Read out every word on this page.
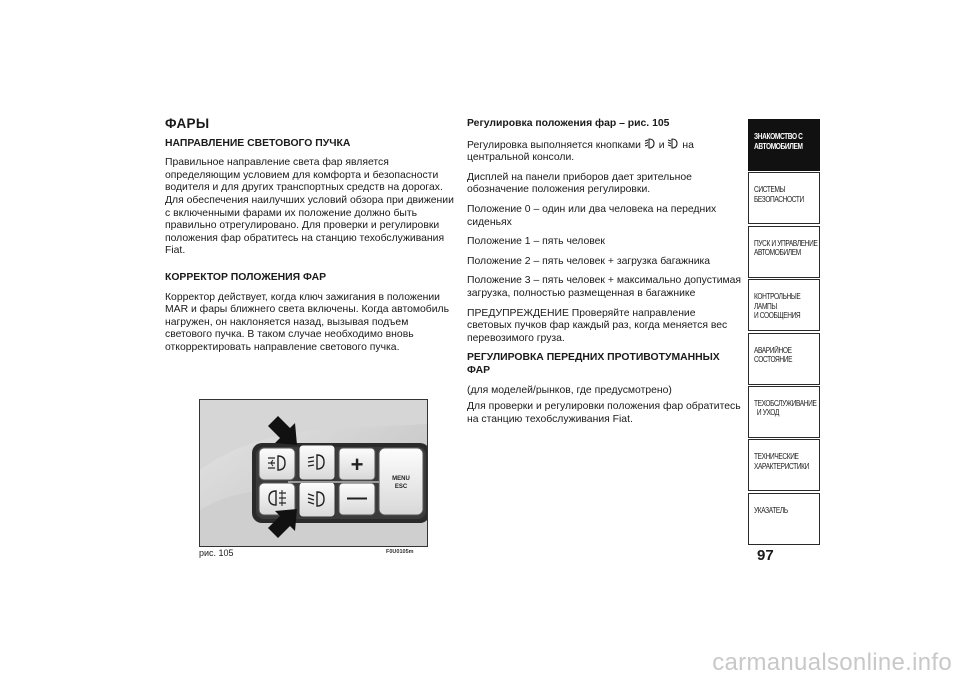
ФАРЫ

НАПРАВЛЕНИЕ СВЕТОВОГО ПУЧКА

Правильное направление света фар является определяющим условием для комфорта и безопасности водителя и для других транспортных средств на дорогах. Для обеспечения наилучших условий обзора при движении с включенными фарами их положение должно быть правильно отрегулировано. Для проверки и регулировки положения фар обратитесь на станцию техобслуживания Fiat.

КОРРЕКТОР ПОЛОЖЕНИЯ ФАР

Корректор действует, когда ключ зажигания в положении MAR и фары ближнего света включены. Когда автомобиль нагружен, он наклоняется назад, вызывая подъем светового пучка. В таком случае необходимо вновь откорректировать направление светового пучка.

Регулировка положения фар – рис. 105

Регулировка выполняется кнопками и на центральной консоли.

Дисплей на панели приборов дает зрительное обозначение положения регулировки.

Положение 0 – один или два человека на передних сиденьях

Положение 1 – пять человек

Положение 2 – пять человек + загрузка багажника

Положение 3 – пять человек + максимально допустимая загрузка, полностью размещенная в багажнике

ПРЕДУПРЕЖДЕНИЕ Проверяйте направление световых пучков фар каждый раз, когда меняется вес перевозимого груза.

РЕГУЛИРОВКА ПЕРЕДНИХ ПРОТИВОТУМАННЫХ ФАР

(для моделей/рынков, где предусмотрено)

Для проверки и регулировки положения фар обратитесь на станцию техобслуживания Fiat.

+
—
MENU
ESC
рис. 105	F0U0105m
ЗНАКОМСТВО С
АВТОМОБИЛЕМ
СИСТЕМЫ
БЕЗОПАСНОСТИ
ПУСК И УПРАВЛЕНИЕ
АВТОМОБИЛЕМ
КОНТРОЛЬНЫЕ
ЛАМПЫ
И СООБЩЕНИЯ
АВАРИЙНОЕ
СОСТОЯНИЕ
ТЕХОБСЛУЖИВАНИЕ
И УХОД
ТЕХНИЧЕСКИЕ
ХАРАКТЕРИСТИКИ
УКАЗАТЕЛЬ
97
carmanualsonline.info
